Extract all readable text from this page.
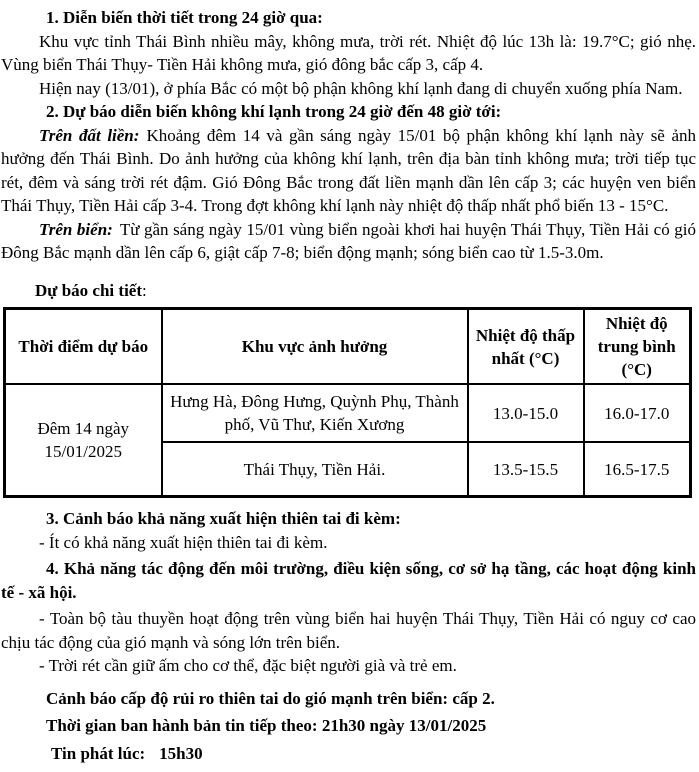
1. Diễn biến thời tiết trong 24 giờ qua:

Khu vực tỉnh Thái Bình nhiều mây, không mưa, trời rét. Nhiệt độ lúc 13h là: 19.7°C; gió nhẹ. Vùng biển Thái Thụy- Tiền Hải không mưa, gió đông bắc cấp 3, cấp 4.

Hiện nay (13/01), ở phía Bắc có một bộ phận không khí lạnh đang di chuyển xuống phía Nam.

2. Dự báo diễn biến không khí lạnh trong 24 giờ đến 48 giờ tới:

Trên đất liền: Khoảng đêm 14 và gần sáng ngày 15/01 bộ phận không khí lạnh này sẽ ảnh hưởng đến Thái Bình. Do ảnh hưởng của không khí lạnh, trên địa bàn tỉnh không mưa; trời tiếp tục rét, đêm và sáng trời rét đậm. Gió Đông Bắc trong đất liền mạnh dần lên cấp 3; các huyện ven biển Thái Thụy, Tiền Hải cấp 3-4. Trong đợt không khí lạnh này nhiệt độ thấp nhất phổ biến 13 - 15°C.

Trên biển: Từ gần sáng ngày 15/01 vùng biển ngoài khơi hai huyện Thái Thụy, Tiền Hải có gió Đông Bắc mạnh dần lên cấp 6, giật cấp 7-8; biển động mạnh; sóng biển cao từ 1.5-3.0m.

Dự báo chi tiết:

Thời điểm dự báo	Khu vực ảnh hưởng	Nhiệt độ thấp nhất (°C)	Nhiệt độ trung bình (°C)
Đêm 14 ngày 15/01/2025	Hưng Hà, Đông Hưng, Quỳnh Phụ, Thành phố, Vũ Thư, Kiến Xương	13.0-15.0	16.0-17.0
	Thái Thụy, Tiền Hải.	13.5-15.5	16.5-17.5

3. Cảnh báo khả năng xuất hiện thiên tai đi kèm:

- Ít có khả năng xuất hiện thiên tai đi kèm.

4. Khả năng tác động đến môi trường, điều kiện sống, cơ sở hạ tầng, các hoạt động kinh tế - xã hội.

- Toàn bộ tàu thuyền hoạt động trên vùng biển hai huyện Thái Thụy, Tiền Hải có nguy cơ cao chịu tác động của gió mạnh và sóng lớn trên biển.

- Trời rét cần giữ ấm cho cơ thể, đặc biệt người già và trẻ em.

Cảnh báo cấp độ rủi ro thiên tai do gió mạnh trên biển: cấp 2.

Thời gian ban hành bản tin tiếp theo: 21h30 ngày 13/01/2025

Tin phát lúc: 15h30
